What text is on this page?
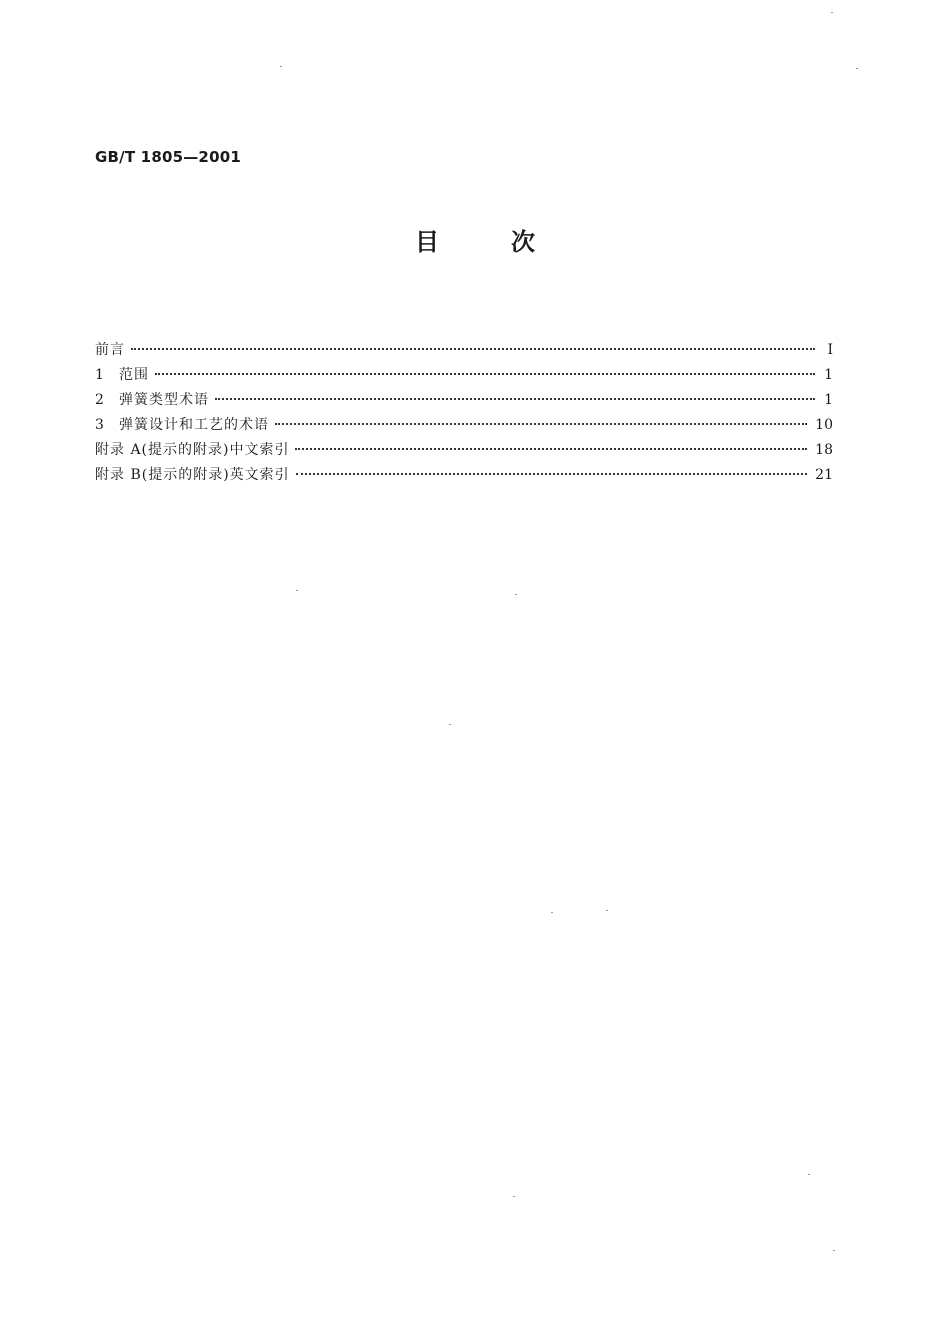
GB/T 1805—2001
目	次
前言	I
1	范围	1
2	弹簧类型术语	1
3	弹簧设计和工艺的术语	10
附录 A(提示的附录)中文索引	18
附录 B(提示的附录)英文索引	21
